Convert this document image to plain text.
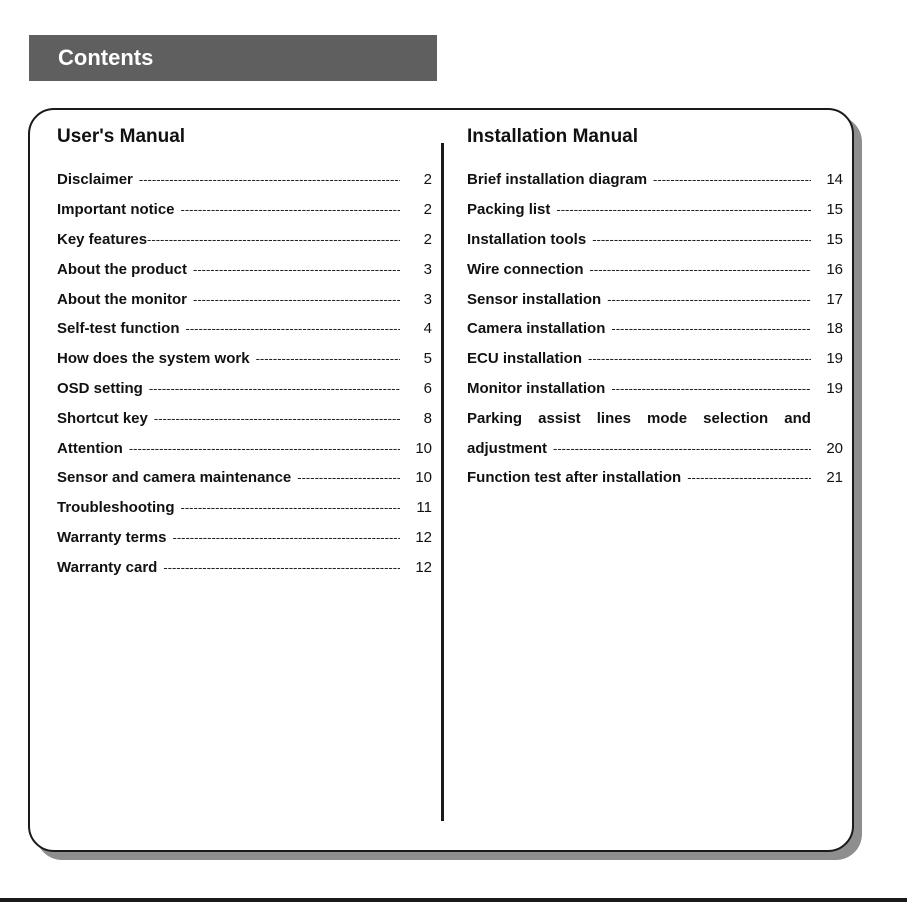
Contents
User's Manual
Disclaimer -----	2
Important notice -----	2
Key features -----	2
About the product -----	3
About the monitor -----	3
Self-test function -----	4
How does the system work -----	5
OSD setting -----	6
Shortcut key -----	8
Attention -----	10
Sensor and camera maintenance -----	10
Troubleshooting -----	11
Warranty terms -----	12
Warranty card -----	12
Installation Manual
Brief installation diagram -----	14
Packing list -----	15
Installation tools -----	15
Wire connection -----	16
Sensor installation -----	17
Camera installation -----	18
ECU installation -----	19
Monitor installation -----	19
Parking assist lines mode selection and
adjustment -----	20
Function test after installation -----	21
